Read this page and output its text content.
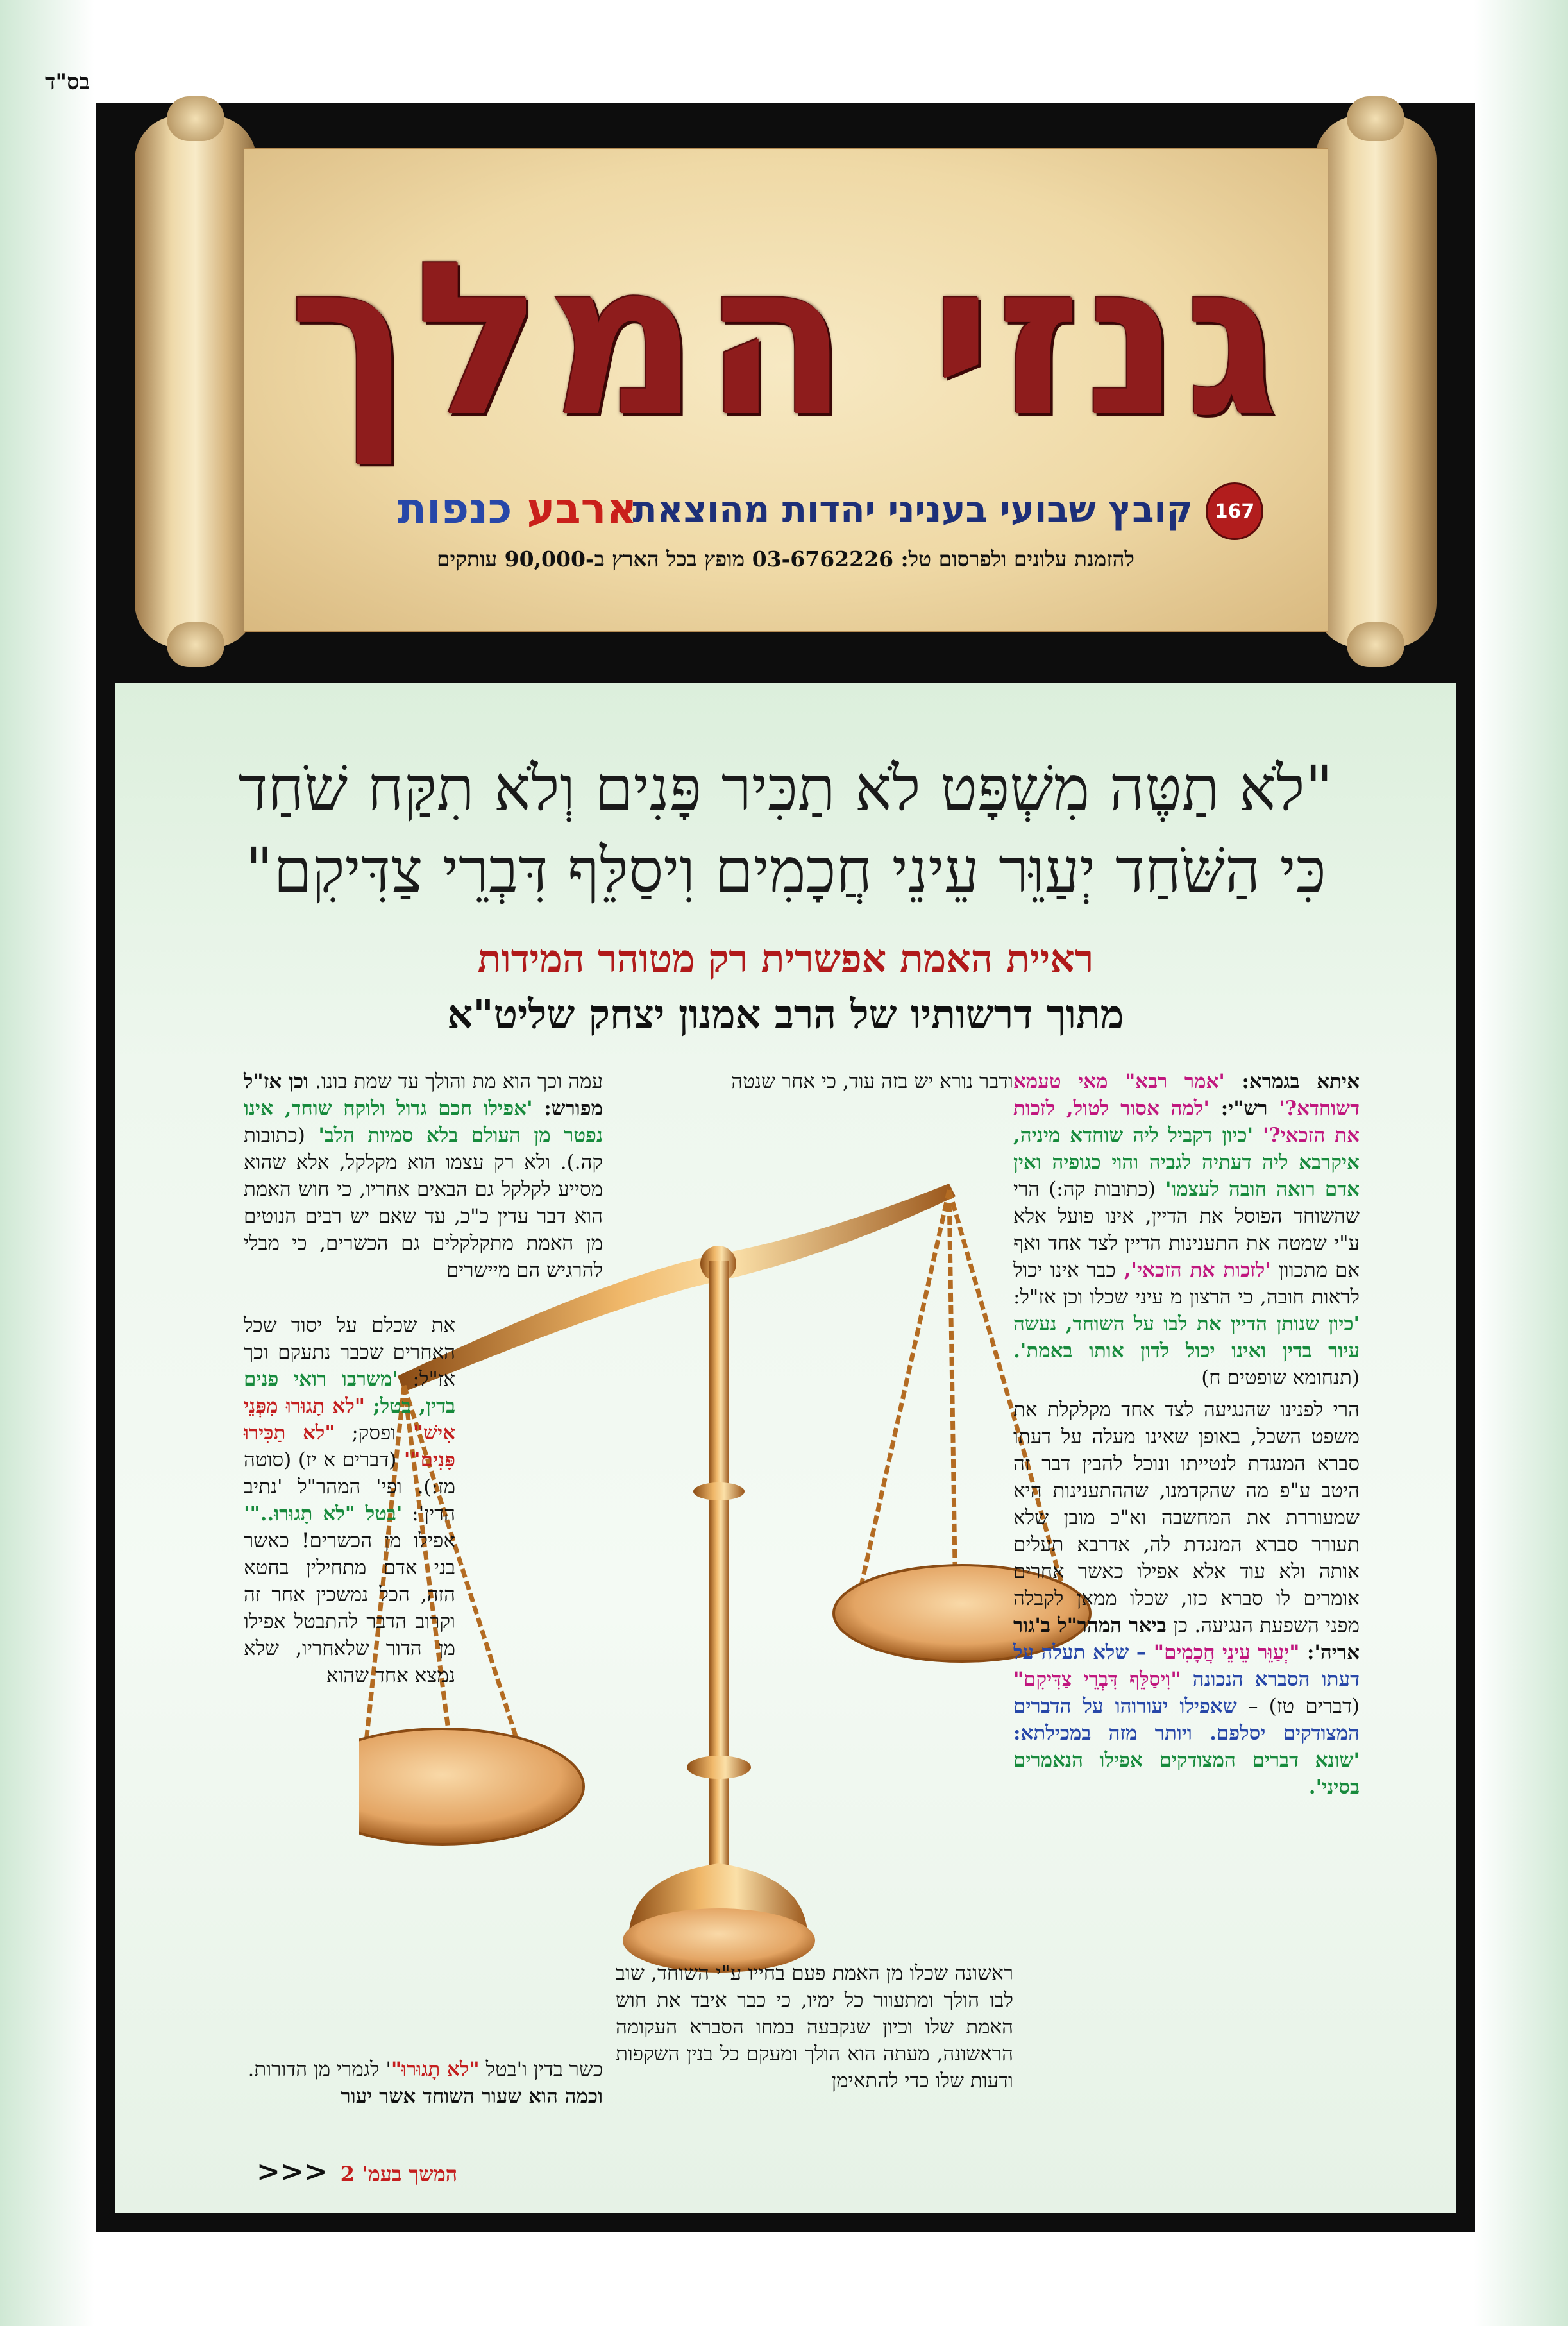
בס"ד
גנזי המלך
167
קובץ שבועי בעניני יהדות מהוצאת
ארבע כנפות
להזמנת עלונים ולפרסום טל: 03-6762226 מופץ בכל הארץ ב-90,000 עותקים
"לֹא תַטֶּה מִשְׁפָּט לֹא תַכִּיר פָּנִים וְלֹא תִקַּח שֹׁחַד
כִּי הַשֹּׁחַד יְעַוֵּר עֵינֵי חֲכָמִים וִיסַלֵּף דִּבְרֵי צַדִּיקִם"
ראיית האמת אפשרית רק מטוהר המידות
מתוך דרשותיו של הרב אמנון יצחק שליט"א

איתא בגמרא: 'אמר רבא" מאי טעמא דשוחדא?' רש"י: 'למה אסור לטול, לזכות את הזכאי?' 'כיון דקביל ליה שוחדא מיניה, איקרבא ליה דעתיה לגביה והוי כגופיה ואין אדם רואה חובה לעצמו' (כתובות קה:) הרי שהשוחד הפוסל את הדיין, אינו פועל אלא ע"י שמטה את התענינות הדיין לצד אחד ואף אם מתכוון 'לזכות את הזכאי', כבר אינו יכול לראות חובה, כי הרצון מ עיני שכלו וכן אז"ל: 'כיון שנותן הדיין את לבו על השוחד, נעשה עיור בדין ואינו יכול לדון אותו באמת'. (תנחומא שופטים ח)

הרי לפנינו שהנגיעה לצד אחד מקלקלת את משפט השכל, באופן שאינו מעלה על דעתו סברא המנגדת לנטייתו ונוכל להבין דבר זה היטב ע"פ מה שהקדמנו, שההתענינות היא שמעוררת את המחשבה וא"כ מובן שלא תעורר סברא המנגדת לה, אדרבא תעלים אותה ולא עוד אלא אפילו כאשר אחרים אומרים לו סברא כזו, שכלו ממאן לקבלה מפני השפעת הנגיעה. כן ביאר המהר"ל ב'גור אריה': "יְעַוֵּר עֵינֵי חֲכָמִים" – שלא תעלה על דעתו הסברא הנכונה "וִיסַלֵּף דִּבְרֵי צַדִּיקִם" (דברים טז) – שאפילו יעורוהו על הדברים המצודקים יסלפם. ויותר מזה במכילתא: 'שונא דברים המצודקים אפילו הנאמרים בסיני'.

ודבר נורא יש בזה עוד, כי אחר שנטה
ראשונה שכלו מן האמת פעם בחייו ע"י השוחד, שוב לבו הולך ומתעוור כל ימיו, כי כבר איבד את חוש האמת שלו וכיון שנקבעה במחו הסברא העקומה הראשונה, מעתה הוא הולך ומעקם כל בנין השקפות ודעות שלו כדי להתאימן
עמה וכך הוא מת והולך עד שמת בונו. וכן אז"ל מפורש: 'אפילו חכם גדול ולוקח שוחד, אינו נפטר מן העולם בלא סמיות הלב' (כתובות קה.). ולא רק עצמו הוא מקלקל, אלא שהוא מסייע לקלקל גם הבאים אחריו, כי חוש האמת הוא דבר עדין כ"כ, עד שאם יש רבים הנוטים מן האמת מתקלקלים גם הכשרים, כי מבלי להרגיש הם מיישרים
את שכלם על יסוד שכל האחרים שכבר נתעקם וכך אז"ל: 'משרבו רואי פנים בדין, בטל; "לא תָגוּרוּ מִפְּנֵי אִישׁ" ופסק; "לא תַכִּירוּ פָּנִים"' (דברים א יז) (סוטה מז:). ופי' המהר"ל 'נתיב הדין': 'בטל "לא תָגוּרוּ.."' אפילו מן הכשרים! כאשר בני אדם מתחילין בחטא הזה, הכל נמשכין אחר זה וקרוב הדבר להתבטל אפילו מן הדור שלאחריו, שלא נמצא אחד שהוא
כשר בדין ו'בטל "לא תָגוּרוּ"' לגמרי מן הדורות.
וכמה הוא שעור השוחד אשר יעור
המשך בעמ' 2<<<
